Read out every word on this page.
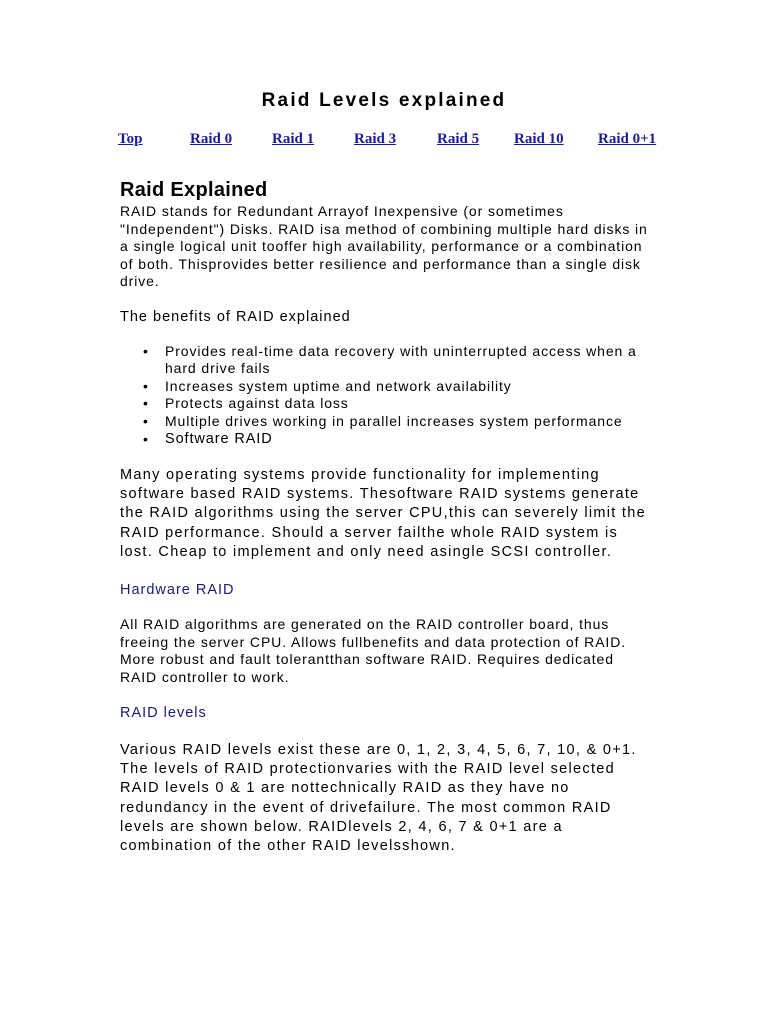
Raid Levels explained
Top	Raid 0	Raid 1	Raid 3	Raid 5 Raid 10 Raid 0+1
Raid Explained

RAID stands for Redundant Arrayof Inexpensive (or sometimes "Independent") Disks. RAID isa method of combining multiple hard disks in a single logical unit tooffer high availability, performance or a combination of both. Thisprovides better resilience and performance than a single disk drive.

The benefits of RAID explained

• Provides real-time data recovery with uninterrupted access when a hard drive fails
• Increases system uptime and network availability
• Protects against data loss
• Multiple drives working in parallel increases system performance
• Software RAID

Many operating systems provide functionality for implementing software based RAID systems. Thesoftware RAID systems generate the RAID algorithms using the server CPU,this can severely limit the RAID performance. Should a server failthe whole RAID system is lost. Cheap to implement and only need asingle SCSI controller.

Hardware RAID

All RAID algorithms are generated on the RAID controller board, thus freeing the server CPU. Allows fullbenefits and data protection of RAID. More robust and fault tolerantthan software RAID. Requires dedicated RAID controller to work.

RAID levels

Various RAID levels exist these are 0, 1, 2, 3, 4, 5, 6, 7, 10, & 0+1. The levels of RAID protectionvaries with the RAID level selected RAID levels 0 & 1 are nottechnically RAID as they have no redundancy in the event of drivefailure. The most common RAID levels are shown below. RAIDlevels 2, 4, 6, 7 & 0+1 are a combination of the other RAID levelsshown.
